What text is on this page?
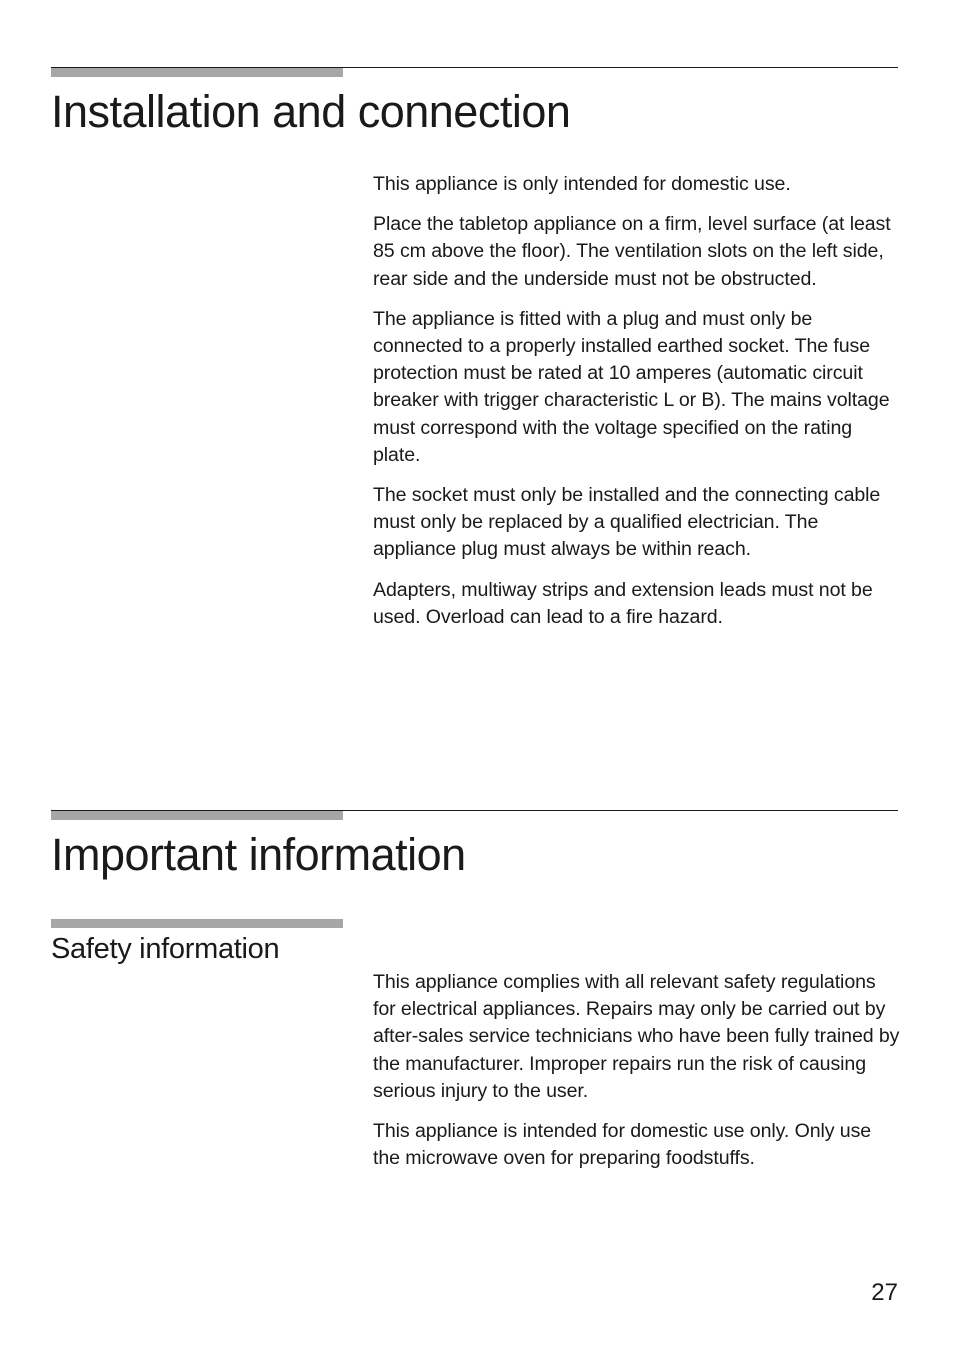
Installation and connection

This appliance is only intended for domestic use.

Place the tabletop appliance on a firm, level surface (at least 85 cm above the floor). The ventilation slots on the left side, rear side and the underside must not be obstructed.

The appliance is fitted with a plug and must only be connected to a properly installed earthed socket. The fuse protection must be rated at 10 amperes (automatic circuit breaker with trigger characteristic L or B). The mains voltage must correspond with the voltage specified on the rating plate.

The socket must only be installed and the connecting cable must only be replaced by a qualified electrician. The appliance plug must always be within reach.

Adapters, multiway strips and extension leads must not be used. Overload can lead to a fire hazard.

Important information
Safety information

This appliance complies with all relevant safety regulations for electrical appliances. Repairs may only be carried out by after-sales service technicians who have been fully trained by the manufacturer. Improper repairs run the risk of causing serious injury to the user.

This appliance is intended for domestic use only. Only use the microwave oven for preparing foodstuffs.

27
